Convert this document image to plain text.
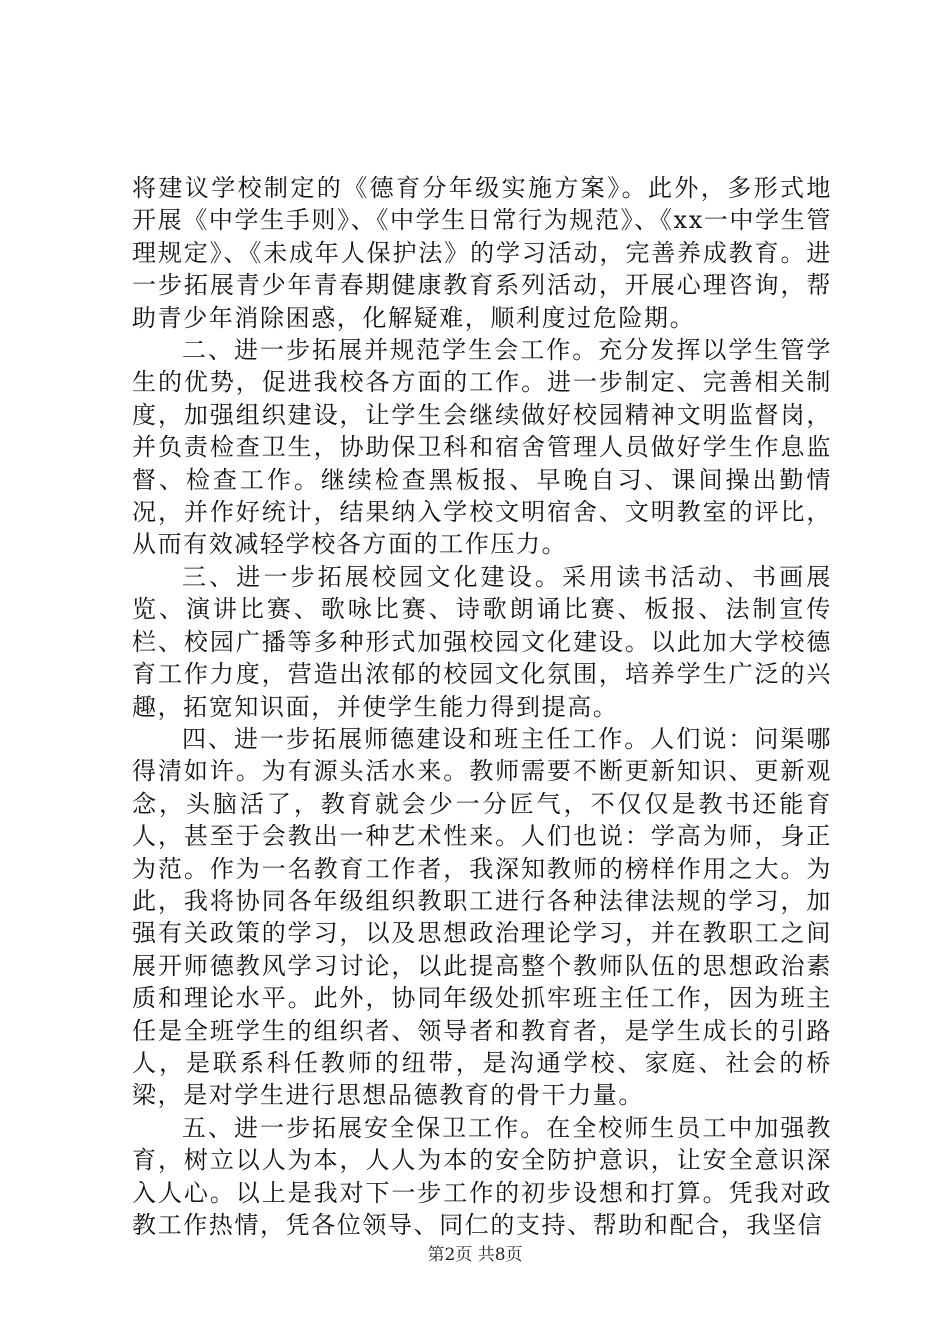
将建议学校制定的《德育分年级实施方案》。此外，多形式地开展《中学生手则》、《中学生日常行为规范》、《xx一中学生管理规定》、《未成年人保护法》的学习活动，完善养成教育。进一步拓展青少年青春期健康教育系列活动，开展心理咨询，帮助青少年消除困惑，化解疑难，顺利度过危险期。

二、进一步拓展并规范学生会工作。充分发挥以学生管学生的优势，促进我校各方面的工作。进一步制定、完善相关制度，加强组织建设，让学生会继续做好校园精神文明监督岗，并负责检查卫生，协助保卫科和宿舍管理人员做好学生作息监督、检查工作。继续检查黑板报、早晚自习、课间操出勤情况，并作好统计，结果纳入学校文明宿舍、文明教室的评比，从而有效减轻学校各方面的工作压力。

三、进一步拓展校园文化建设。采用读书活动、书画展览、演讲比赛、歌咏比赛、诗歌朗诵比赛、板报、法制宣传栏、校园广播等多种形式加强校园文化建设。以此加大学校德育工作力度，营造出浓郁的校园文化氛围，培养学生广泛的兴趣，拓宽知识面，并使学生能力得到提高。

四、进一步拓展师德建设和班主任工作。人们说：问渠哪得清如许。为有源头活水来。教师需要不断更新知识、更新观念，头脑活了，教育就会少一分匠气，不仅仅是教书还能育人，甚至于会教出一种艺术性来。人们也说：学高为师，身正为范。作为一名教育工作者，我深知教师的榜样作用之大。为此，我将协同各年级组织教职工进行各种法律法规的学习，加强有关政策的学习，以及思想政治理论学习，并在教职工之间展开师德教风学习讨论，以此提高整个教师队伍的思想政治素质和理论水平。此外，协同年级处抓牢班主任工作，因为班主任是全班学生的组织者、领导者和教育者，是学生成长的引路人，是联系科任教师的纽带，是沟通学校、家庭、社会的桥梁，是对学生进行思想品德教育的骨干力量。

五、进一步拓展安全保卫工作。在全校师生员工中加强教育，树立以人为本，人人为本的安全防护意识，让安全意识深入人心。以上是我对下一步工作的初步设想和打算。凭我对政教工作热情，凭各位领导、同仁的支持、帮助和配合，我坚信

第2页 共8页
